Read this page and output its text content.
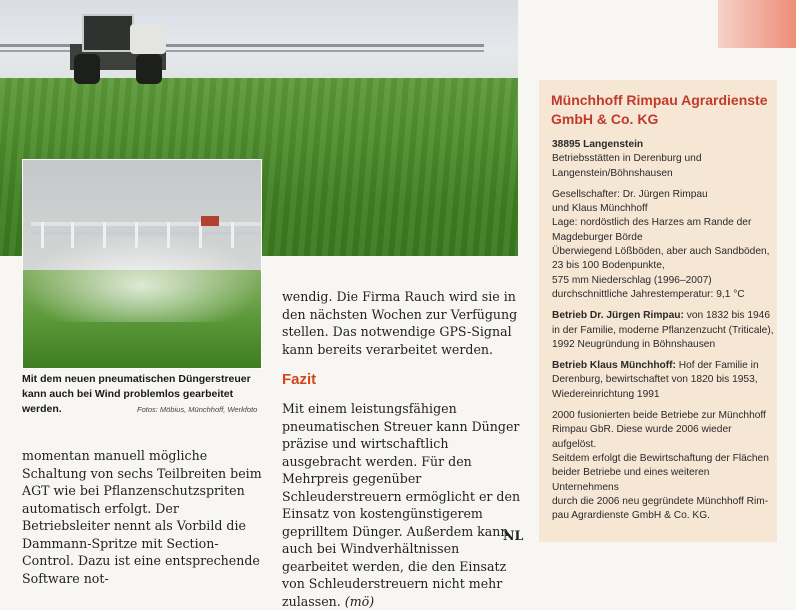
Mit dem neuen pneumatischen Düngerstreuer kann auch bei Wind problemlos gearbeitet werden.	Fotos: Möbius, Münchhoff, Werkfoto
momentan manuell mögliche Schaltung von sechs Teilbreiten beim AGT wie bei Pflanzenschutzspriten automatisch erfolgt. Der Betriebsleiter nennt als Vorbild die Dammann-Spritze mit Section-Control. Dazu ist eine entsprechende Software not-
wendig. Die Firma Rauch wird sie in den nächsten Wochen zur Verfügung stellen. Das notwendige GPS-Signal kann bereits verarbeitet werden.
Fazit
Mit einem leistungsfähigen pneumatischen Streuer kann Dünger präzise und wirtschaftlich ausgebracht werden. Für den Mehrpreis gegenüber Schleuderstreuern ermöglicht er den Einsatz von kostengünstigerem geprilltem Dünger. Außerdem kann auch bei Windverhältnissen gearbeitet werden, die den Einsatz von Schleuderstreuern nicht mehr zulassen. (mö)
NL
Münchhoff Rimpau Agrardienste GmbH & Co. KG
38895 Langenstein
Betriebsstätten in Derenburg und
Langenstein/Böhnshausen
Gesellschafter: Dr. Jürgen Rimpau
und Klaus Münchhoff
Lage: nordöstlich des Harzes am Rande der
Magdeburger Börde
Überwiegend Lößböden, aber auch Sandböden,
23 bis 100 Bodenpunkte,
575 mm Niederschlag (1996–2007)
durchschnittliche Jahrestemperatur: 9,1 °C
Betrieb Dr. Jürgen Rimpau: von 1832 bis 1946 in der Familie, moderne Pflanzenzucht (Triticale), 1992 Neugründung in Böhnshausen
Betrieb Klaus Münchhoff: Hof der Familie in Derenburg, bewirtschaftet von 1820 bis 1953, Wiedereinrichtung 1991
2000 fusionierten beide Betriebe zur Münchhoff
Rimpau GbR. Diese wurde 2006 wieder aufgelöst.
Seitdem erfolgt die Bewirtschaftung der Flächen
beider Betriebe und eines weiteren Unternehmens
durch die 2006 neu gegründete Münchhoff Rim-
pau Agrardienste GmbH & Co. KG.
